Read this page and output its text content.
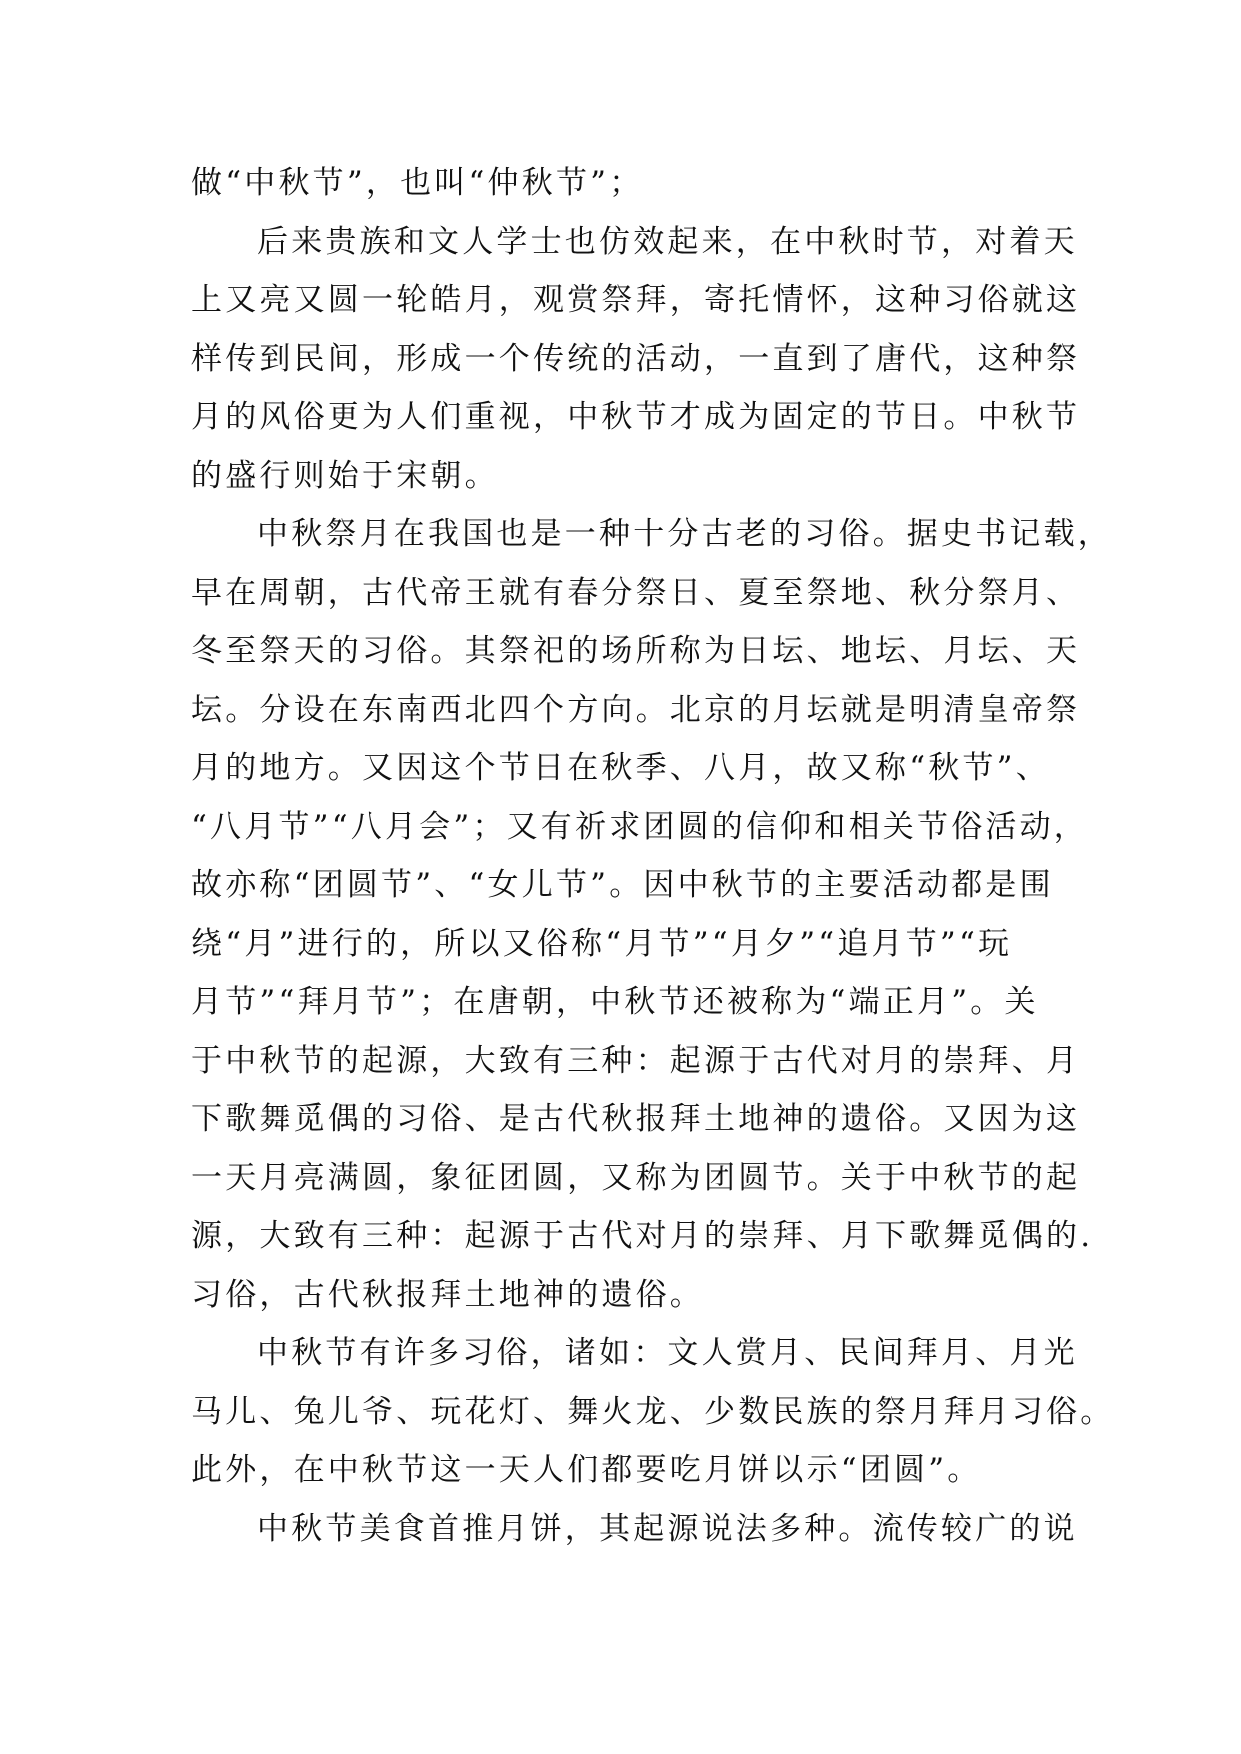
做“中秋节”，也叫“仲秋节”；
后来贵族和文人学士也仿效起来，在中秋时节，对着天
上又亮又圆一轮皓月，观赏祭拜，寄托情怀，这种习俗就这
样传到民间，形成一个传统的活动，一直到了唐代，这种祭
月的风俗更为人们重视，中秋节才成为固定的节日。中秋节
的盛行则始于宋朝。
中秋祭月在我国也是一种十分古老的习俗。据史书记载，
早在周朝，古代帝王就有春分祭日、夏至祭地、秋分祭月、
冬至祭天的习俗。其祭祀的场所称为日坛、地坛、月坛、天
坛。分设在东南西北四个方向。北京的月坛就是明清皇帝祭
月的地方。又因这个节日在秋季、八月，故又称“秋节”、
“八月节”“八月会”；又有祈求团圆的信仰和相关节俗活动，
故亦称“团圆节”、“女儿节”。因中秋节的主要活动都是围
绕“月”进行的，所以又俗称“月节”“月夕”“追月节”“玩
月节”“拜月节”；在唐朝，中秋节还被称为“端正月”。关
于中秋节的起源，大致有三种：起源于古代对月的崇拜、月
下歌舞觅偶的习俗、是古代秋报拜土地神的遗俗。又因为这
一天月亮满圆，象征团圆，又称为团圆节。关于中秋节的起
源，大致有三种：起源于古代对月的崇拜、月下歌舞觅偶的.
习俗，古代秋报拜土地神的遗俗。
中秋节有许多习俗，诸如：文人赏月、民间拜月、月光
马儿、兔儿爷、玩花灯、舞火龙、少数民族的祭月拜月习俗。
此外，在中秋节这一天人们都要吃月饼以示“团圆”。
中秋节美食首推月饼，其起源说法多种。流传较广的说
